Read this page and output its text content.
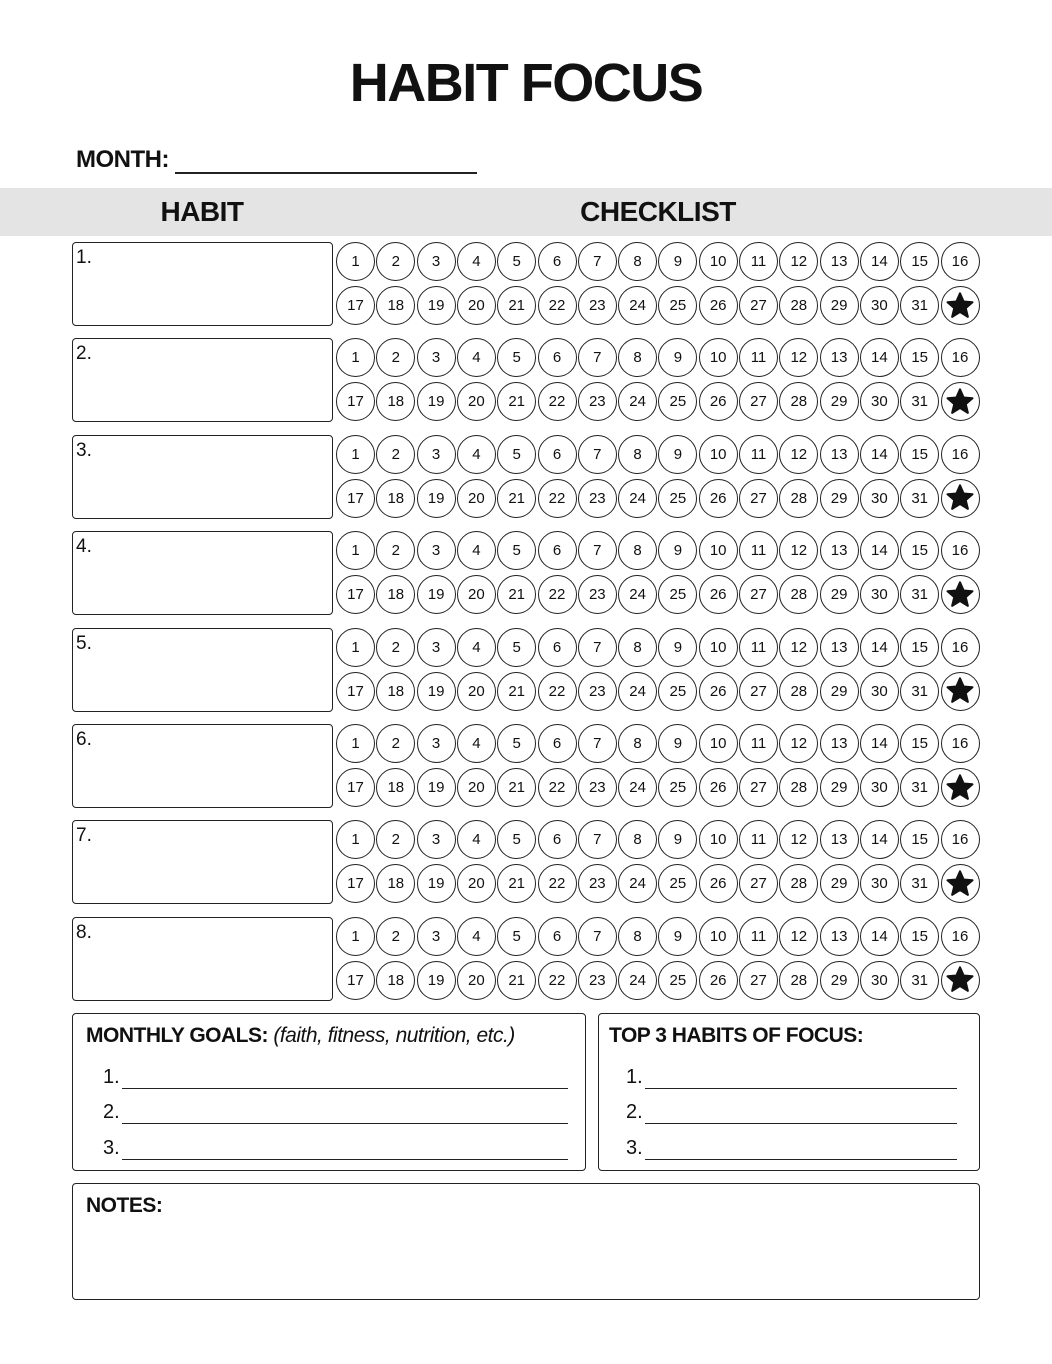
HABIT FOCUS
MONTH:
HABIT	CHECKLIST
1.	1	2	3	4	5	6	7	8	9	10	11	12	13	14	15	16
17	18	19	20	21	22	23	24	25	26	27	28	29	30	31
2.	1	2	3	4	5	6	7	8	9	10	11	12	13	14	15	16
17	18	19	20	21	22	23	24	25	26	27	28	29	30	31
3.	1	2	3	4	5	6	7	8	9	10	11	12	13	14	15	16
17	18	19	20	21	22	23	24	25	26	27	28	29	30	31
4.	1	2	3	4	5	6	7	8	9	10	11	12	13	14	15	16
17	18	19	20	21	22	23	24	25	26	27	28	29	30	31
5.	1	2	3	4	5	6	7	8	9	10	11	12	13	14	15	16
17	18	19	20	21	22	23	24	25	26	27	28	29	30	31
6.	1	2	3	4	5	6	7	8	9	10	11	12	13	14	15	16
17	18	19	20	21	22	23	24	25	26	27	28	29	30	31
7.	1	2	3	4	5	6	7	8	9	10	11	12	13	14	15	16
17	18	19	20	21	22	23	24	25	26	27	28	29	30	31
8.	1	2	3	4	5	6	7	8	9	10	11	12	13	14	15	16
17	18	19	20	21	22	23	24	25	26	27	28	29	30	31
MONTHLY GOALS: (faith, fitness, nutrition, etc.)
1.
2.
3.
TOP 3 HABITS OF FOCUS:
1.
2.
3.
NOTES:
